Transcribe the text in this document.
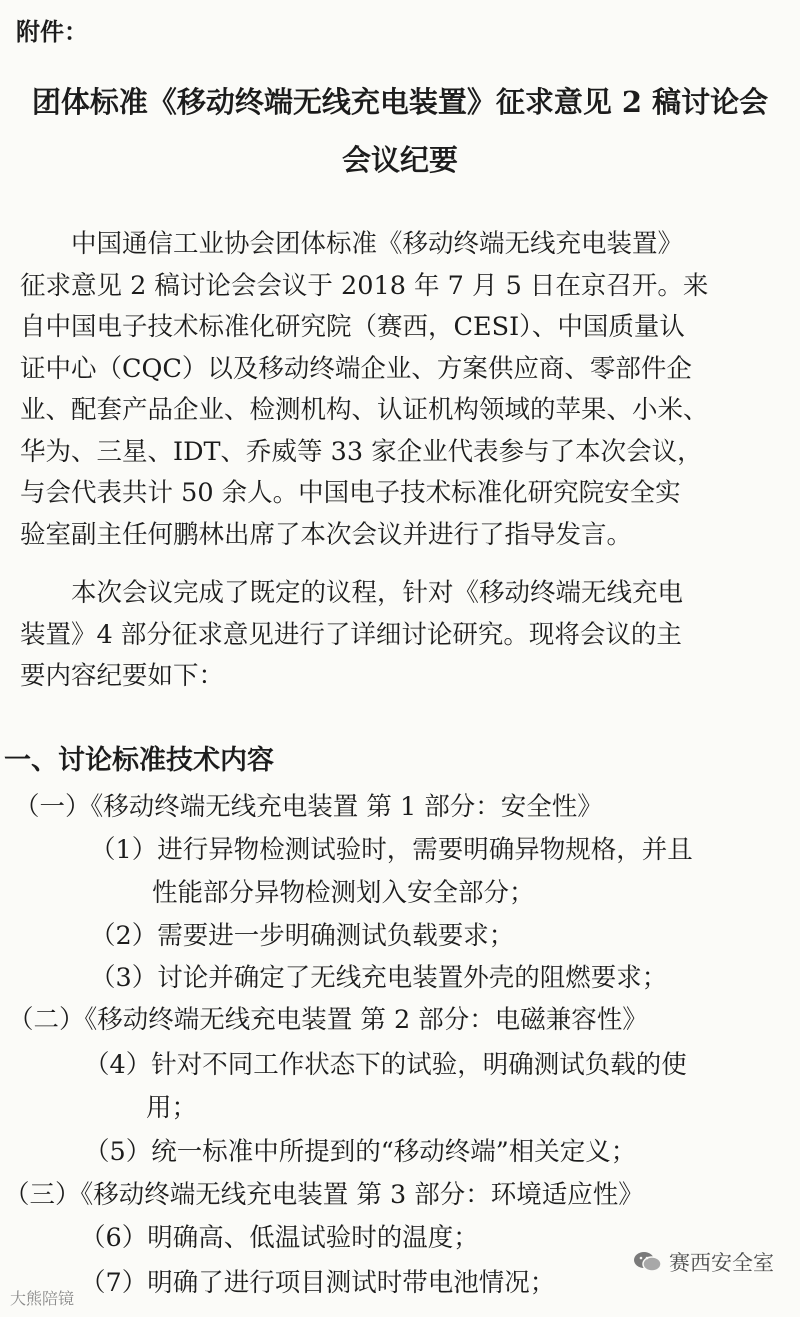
附件：
团体标准《移动终端无线充电装置》征求意见 2 稿讨论会
会议纪要
　　中国通信工业协会团体标准《移动终端无线充电装置》
征求意见 2 稿讨论会会议于 2018 年 7 月 5 日在京召开。来
自中国电子技术标准化研究院（赛西，CESI）、中国质量认
证中心（CQC）以及移动终端企业、方案供应商、零部件企
业、配套产品企业、检测机构、认证机构领域的苹果、小米、
华为、三星、IDT、乔威等 33 家企业代表参与了本次会议，
与会代表共计 50 余人。中国电子技术标准化研究院安全实
验室副主任何鹏林出席了本次会议并进行了指导发言。
　　本次会议完成了既定的议程，针对《移动终端无线充电
装置》4 部分征求意见进行了详细讨论研究。现将会议的主
要内容纪要如下：
一、讨论标准技术内容
（一）《移动终端无线充电装置 第 1 部分：安全性》
（1）进行异物检测试验时，需要明确异物规格，并且
性能部分异物检测划入安全部分；
（2）需要进一步明确测试负载要求；
（3）讨论并确定了无线充电装置外壳的阻燃要求；
（二）《移动终端无线充电装置 第 2 部分：电磁兼容性》
（4）针对不同工作状态下的试验，明确测试负载的使
用；
（5）统一标准中所提到的“移动终端”相关定义；
（三）《移动终端无线充电装置 第 3 部分：环境适应性》
（6）明确高、低温试验时的温度；
（7）明确了进行项目测试时带电池情况；
大熊陪镜
赛西安全室
